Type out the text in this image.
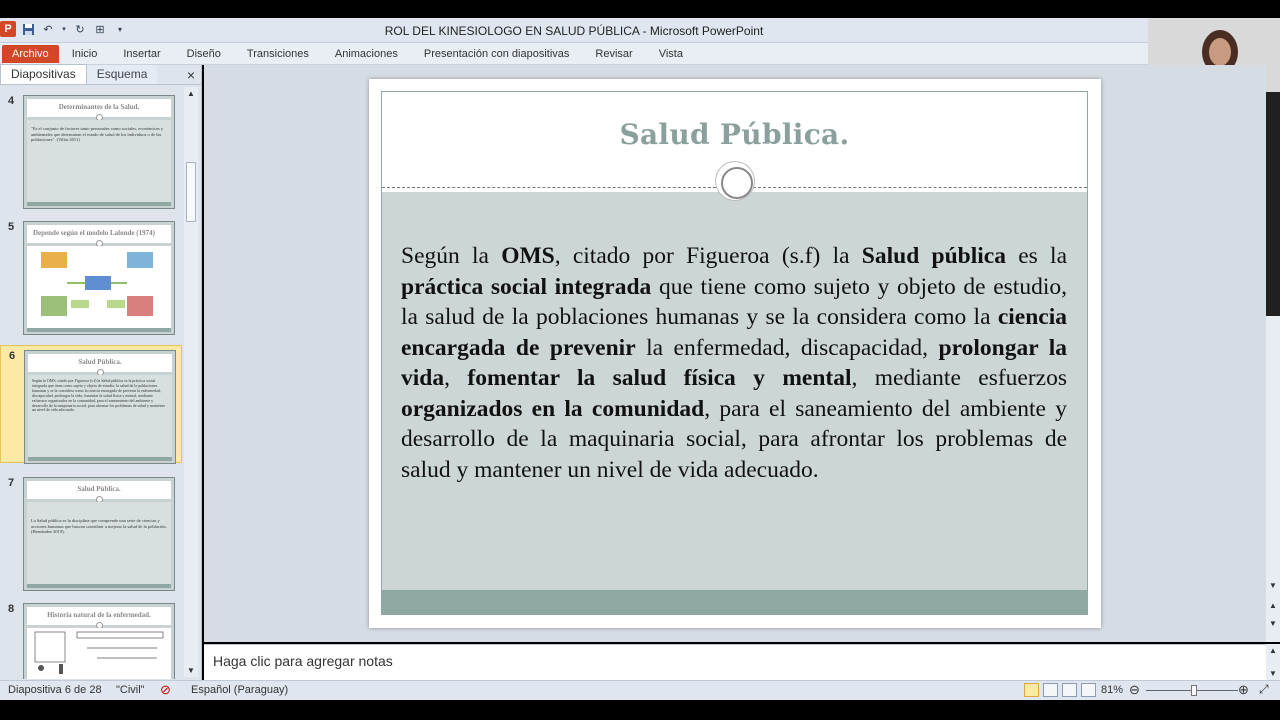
P	↶	▾ ↻ ⊞	▾	ROL DEL KINESIOLOGO EN SALUD PÚBLICA - Microsoft PowerPoint
Archivo	Inicio	Insertar	Diseño	Transiciones	Animaciones	Presentación con diapositivas	Revisar	Vista
Diapositivas	Esquema	×
4	Determinantes de la Salud.
"Es el conjunto de factores tanto personales como sociales, económicos y ambientales que determinan el estado de salud de los individuos o de las poblaciones". (Villar 2011)
5	Depende según el modelo Lalonde (1974)
6	Salud Pública.
Según la OMS, citado por Figueroa (s.f) la Salud pública es la práctica social integrada que tiene como sujeto y objeto de estudio, la salud de la poblaciones humanas y se la considera como la ciencia encargada de prevenir la enfermedad, discapacidad, prolongar la vida, fomentar la salud física y mental, mediante esfuerzos organizados en la comunidad, para el saneamiento del ambiente y desarrollo de la maquinaria social, para afrontar los problemas de salud y mantener un nivel de vida adecuado.
7	Salud Pública.
La Salud pública es la disciplina que comprende una serie de ciencias y acciones humanas que buscan contribuir a mejorar la salud de la población. (Hernández 2019).
8	Historia natural de la enfermedad.
▲
▼
▼
▲
▼
Salud Pública.

Según la OMS, citado por Figueroa (s.f) la Salud pública es la práctica social integrada que tiene como sujeto y objeto de estudio, la salud de la poblaciones humanas y se la considera como la ciencia encargada de prevenir la enfermedad, discapacidad, prolongar la vida, fomentar la salud física y mental, mediante esfuerzos organizados en la comunidad, para el saneamiento del ambiente y desarrollo de la maquinaria social, para afrontar los problemas de salud y mantener un nivel de vida adecuado.

Haga clic para agregar notas
▲
▼
Diapositiva 6 de 28 "Civil" ⊘ Español (Paraguay)	81% ⊖	⊕ ⤢
